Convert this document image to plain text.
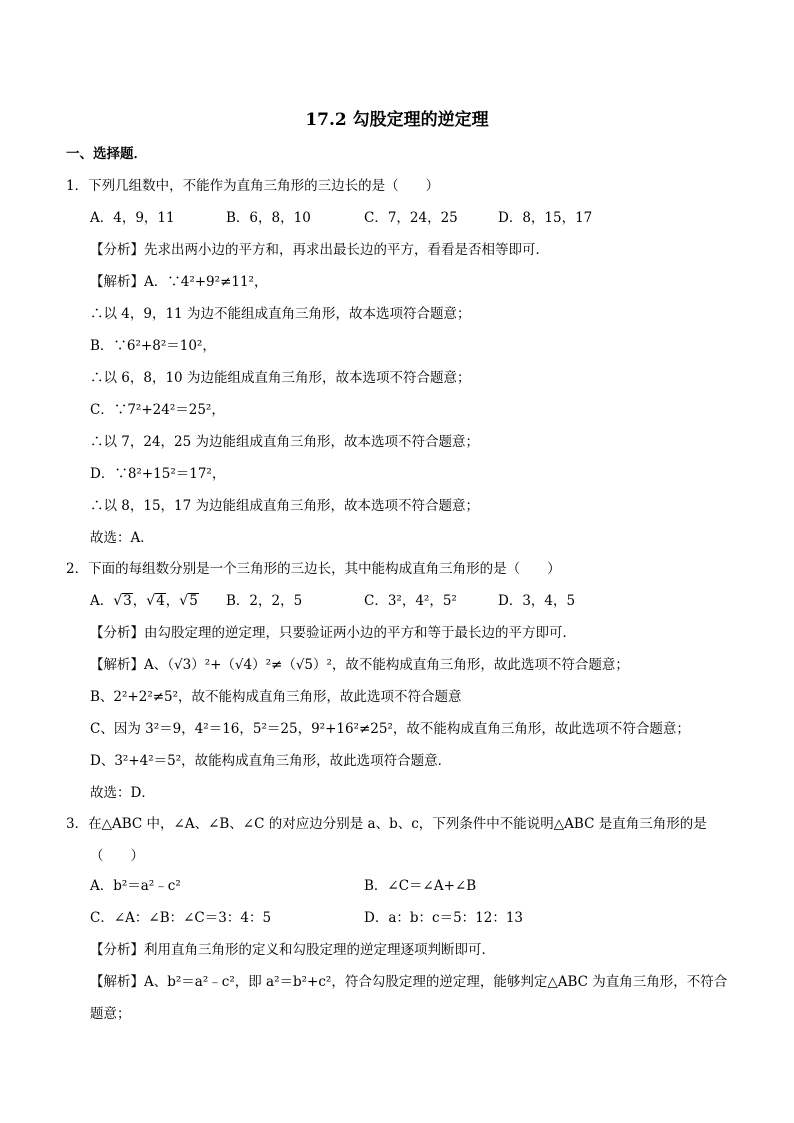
17.2 勾股定理的逆定理
一、选择题．
1．下列几组数中，不能作为直角三角形的三边长的是（　　）
A．4，9，11	B．6，8，10	C．7，24，25	D．8，15，17
【分析】先求出两小边的平方和，再求出最长边的平方，看看是否相等即可．
【解析】A．∵4²+9²≠11²，
∴以 4，9，11 为边不能组成直角三角形，故本选项符合题意；
B．∵6²+8²＝10²，
∴以 6，8，10 为边能组成直角三角形，故本选项不符合题意；
C．∵7²+24²＝25²，
∴以 7，24，25 为边能组成直角三角形，故本选项不符合题意；
D．∵8²+15²＝17²，
∴以 8，15，17 为边能组成直角三角形，故本选项不符合题意；
故选：A．
2．下面的每组数分别是一个三角形的三边长，其中能构成直角三角形的是（　　）
A．√3，√4，√5 B．2，2，5	C．3²，4²，5²	D．3，4，5
【分析】由勾股定理的逆定理，只要验证两小边的平方和等于最长边的平方即可．
【解析】A、（√3）²+（√4）²≠（√5）²，故不能构成直角三角形，故此选项不符合题意；
B、2²+2²≠5²，故不能构成直角三角形，故此选项不符合题意
C、因为 3²＝9，4²＝16，5²＝25，9²+16²≠25²，故不能构成直角三角形，故此选项不符合题意；
D、3²+4²＝5²，故能构成直角三角形，故此选项符合题意．
故选：D．
3．在△ABC 中，∠A、∠B、∠C 的对应边分别是 a、b、c，下列条件中不能说明△ABC 是直角三角形的是
（　　）
A．b²＝a²﹣c²	B．∠C＝∠A+∠B
C．∠A：∠B：∠C＝3：4：5	D．a：b：c＝5：12：13
【分析】利用直角三角形的定义和勾股定理的逆定理逐项判断即可．
【解析】A、b²＝a²﹣c²，即 a²＝b²+c²，符合勾股定理的逆定理，能够判定△ABC 为直角三角形，不符合
题意；
